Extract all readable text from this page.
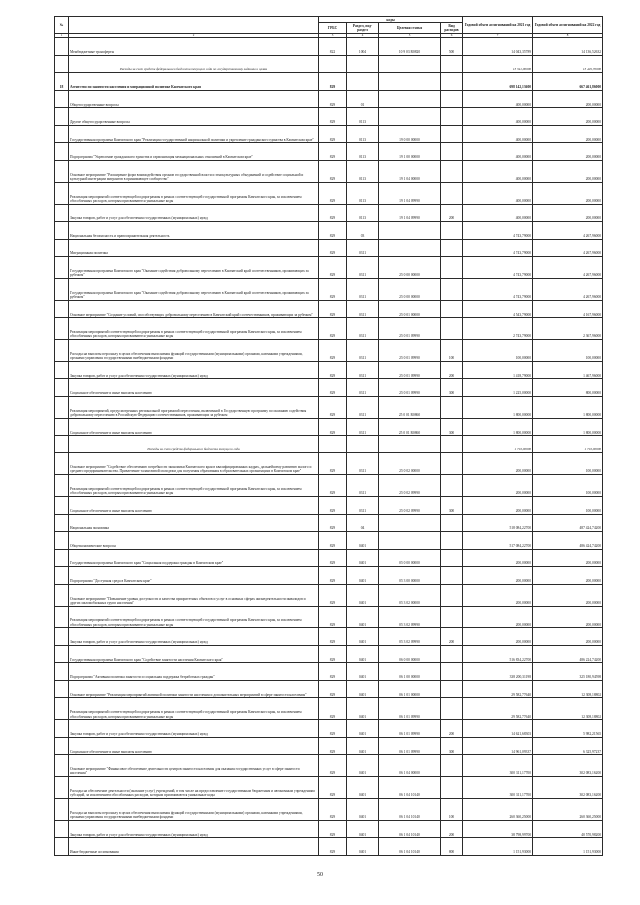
№		коды				Годовой объем ассигнований на 2021 год	Годовой объем ассигнований на 2022 год
		ГРБС	Раздел, под-раздел	Целевая статья	Вид расходов		
1	2	3	4	5	6	7	8
	Межбюджетные трансферты	822	1004	10 9 03 R0820	500	14 043,35789	14 136,52632
	Расходы за счет средств федерального бюджета текущего года по государственному заданию и целям					13 341,00000	13 429,70000
18	Агентство по занятости населения и миграционной политике Камчатского края	829				698 142,13600	667 461,86000
	Общегосударственные вопросы	829	01			400,00000	200,00000
	Другие общегосударственные вопросы	829	0113			400,00000	200,00000
	Государственная программа Камчатского края "Реализация государственной национальной политики и укрепление гражданского единства в Камчатском крае"	829	0113	19 0 00 00000		400,00000	200,00000
	Подпрограмма "Укрепление гражданского единства и гармонизация межнациональных отношений в Камчатском крае"	829	0113	19 1 00 00000		400,00000	200,00000
	Основное мероприятие "Расширение форм взаимодействия органов государственной власти и этнокультурных объединений и содействие социальной и культурной интеграции мигрантов в принимающее сообщество"	829	0113	19 1 04 00000		400,00000	200,00000
	Реализация мероприятий соответствующей подпрограммы в рамках соответствующей государственной программы Камчатского края, за исключением обособленных расходов, которым присваиваются уникальные коды	829	0113	19 1 04 09990		400,00000	200,00000
	Закупка товаров, работ и услуг для обеспечения государственных (муниципальных) нужд	829	0113	19 1 04 09990	200	400,00000	200,00000
	Национальная безопасность и правоохранительная деятельность	829	03			4 743,79000	4 267,96000
	Миграционная политика	829	0311			4 743,79000	4 267,96000
	Государственная программа Камчатского края "Оказание содействия добровольному переселению в Камчатский край соотечественников, проживающих за рубежом"	829	0311	25 0 00 00000		4 743,79000	4 267,96000
	Государственная программа Камчатского края "Оказание содействия добровольному переселению в Камчатский край соотечественников, проживающих за рубежом"	829	0311	25 0 00 00000		4 743,79000	4 267,96000
	Основное мероприятие "Создание условий, способствующих добровольному переселению в Камчатский край соотечественников, проживающих за рубежом"	829	0311	25 0 01 00000		4 543,79000	4 167,96000
	Реализация мероприятий соответствующей подпрограммы в рамках соответствующей государственной программы Камчатского края, за исключением обособленных расходов, которым присваиваются уникальные коды	829	0311	25 0 01 09990		2 743,79000	2 367,96000
	Расходы на выплаты персоналу в целях обеспечения выполнения функций государственными (муниципальными) органами, казенными учреждениями, органами управления государственными внебюджетными фондами	829	0311	25 0 01 09990	100	100,00000	100,00000
	Закупка товаров, работ и услуг для обеспечения государственных (муниципальных) нужд	829	0311	25 0 01 09990	200	1 418,79000	1 467,96000
	Социальное обеспечение и иные выплаты населению	829	0311	25 0 01 09990	300	1 225,00000	800,00000
	Реализация мероприятий, предусмотренных региональной программой переселения, включенной в Государственную программу по оказанию содействия добровольному переселению в Российскую Федерацию соотечественников, проживающих за рубежом	829	0311	25 0 01 R0860		1 800,00000	1 800,00000
	Социальное обеспечение и иные выплаты населению	829	0311	25 0 01 R0860	300	1 800,00000	1 800,00000
	Расходы за счет средств федерального бюджета текущего года					1 710,00000	1 710,00000
	Основное мероприятие "Содействие обеспечению потребности экономики Камчатского края в квалифицированных кадрах, дальнейшему развитию малого и среднего предпринимательства. Привлечение талантливой молодежи для получения образования в образовательных организациях в Камчатском крае"	829	0311	25 0 02 00000		200,00000	100,00000
	Реализация мероприятий соответствующей подпрограммы в рамках соответствующей государственной программы Камчатского края, за исключением обособленных расходов, которым присваиваются уникальные коды	829	0311	25 0 02 09990		200,00000	100,00000
	Социальное обеспечение и иные выплаты населению	829	0311	25 0 02 09990	300	200,00000	100,00000
	Национальная экономика	829	04			518 084,22700	487 424,74200
	Общеэкономические вопросы	829	0401			517 084,22700	486 424,74200
	Государственная программа Камчатского края "Социальная поддержка граждан в Камчатском крае"	829	0401	05 0 00 00000		200,00000	200,00000
	Подпрограмма "Доступная среда в Камчатском крае"	829	0401	05 3 00 00000		200,00000	200,00000
	Основное мероприятие "Повышение уровня доступности и качества приоритетных объектов и услуг в основных сферах жизнедеятельности инвалидов и других маломобильных групп населения"	829	0401	05 3 02 00000		200,00000	200,00000
	Реализация мероприятий соответствующей подпрограммы в рамках соответствующей государственной программы Камчатского края, за исключением обособленных расходов, которым присваиваются уникальные коды	829	0401	05 3 02 09990		200,00000	200,00000
	Закупка товаров, работ и услуг для обеспечения государственных (муниципальных) нужд	829	0401	05 3 02 09990	200	200,00000	200,00000
	Государственная программа Камчатского края "Содействие занятости населения Камчатского края"	829	0401	06 0 00 00000		516 834,22700	486 224,74200
	Подпрограмма "Активная политика занятости и социальная поддержка безработных граждан"	829	0401	06 1 00 00000		338 200,31198	325 180,94598
	Основное мероприятие "Реализация мероприятий активной политики занятости населения и дополнительных мероприятий в сфере занятости населения"	829	0401	06 1 01 00000		29 582,77640	12 308,18802
	Реализация мероприятий соответствующей подпрограммы в рамках соответствующей государственной программы Камчатского края, за исключением обособленных расходов, которым присваиваются уникальные коды	829	0401	06 1 01 09990		29 582,77640	12 308,18802
	Закупка товаров, работ и услуг для обеспечения государственных (муниципальных) нужд	829	0401	06 1 01 09990	200	14 621,68303	5 982,21565
	Социальное обеспечение и иные выплаты населению	829	0401	06 1 01 09990	300	14 961,09337	6 325,97237
	Основное мероприятие "Финансовое обеспечение деятельности центров занятости населения для оказания государственных услуг в сфере занятости населения"	829	0401	06 1 04 00000		300 311,17700	302 083,16200
	Расходы на обеспечение деятельности (оказание услуг) учреждений, в том числе на предоставление государственным бюджетным и автономным учреждениям субсидий, за исключением обособленных расходов, которым присваиваются уникальные коды	829	0401	06 1 04 10140		300 311,17700	302 083,16200
	Расходы на выплаты персоналу в целях обеспечения выполнения функций государственными (муниципальными) органами, казенными учреждениями, органами управления государственными внебюджетными фондами	829	0401	06 1 04 10140	100	260 360,25000	260 360,25000
	Закупка товаров, работ и услуг для обеспечения государственных (муниципальных) нужд	829	0401	06 1 04 10140	200	38 798,99700	40 570,98200
	Иные бюджетные ассигнования	829	0401	06 1 04 10140	800	1 151,93000	1 151,93000
50
